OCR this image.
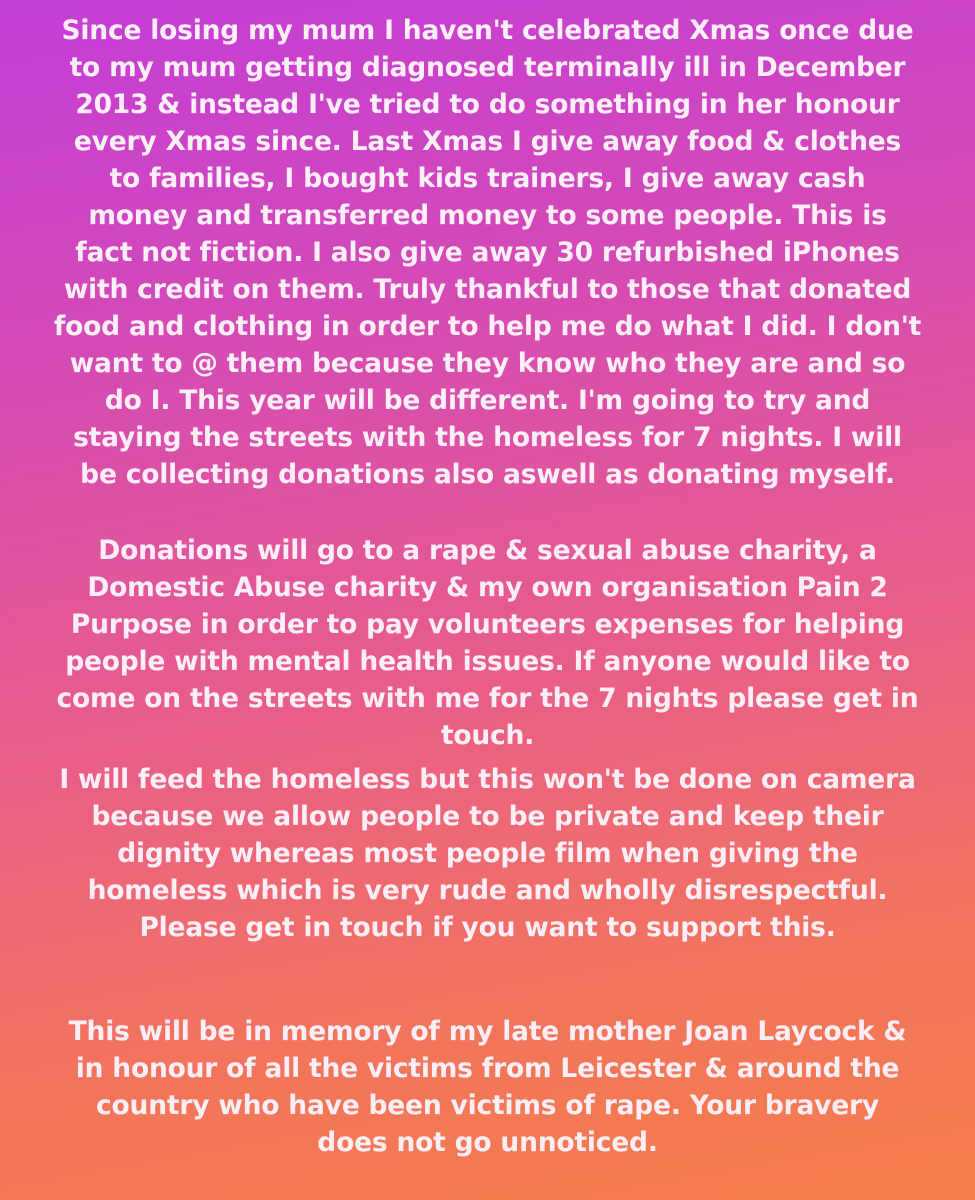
Since losing my mum I haven't celebrated Xmas once due
to my mum getting diagnosed terminally ill in December
2013 & instead I've tried to do something in her honour
every Xmas since. Last Xmas I give away food & clothes
to families, I bought kids trainers, I give away cash
money and transferred money to some people. This is
fact not fiction. I also give away 30 refurbished iPhones
with credit on them. Truly thankful to those that donated
food and clothing in order to help me do what I did. I don't
want to @ them because they know who they are and so
do I. This year will be different. I'm going to try and
staying the streets with the homeless for 7 nights. I will
be collecting donations also aswell as donating myself.
Donations will go to a rape & sexual abuse charity, a
Domestic Abuse charity & my own organisation Pain 2
Purpose in order to pay volunteers expenses for helping
people with mental health issues. If anyone would like to
come on the streets with me for the 7 nights please get in
touch.
I will feed the homeless but this won't be done on camera
because we allow people to be private and keep their
dignity whereas most people film when giving the
homeless which is very rude and wholly disrespectful.
Please get in touch if you want to support this.
This will be in memory of my late mother Joan Laycock &
in honour of all the victims from Leicester & around the
country who have been victims of rape. Your bravery
does not go unnoticed.
